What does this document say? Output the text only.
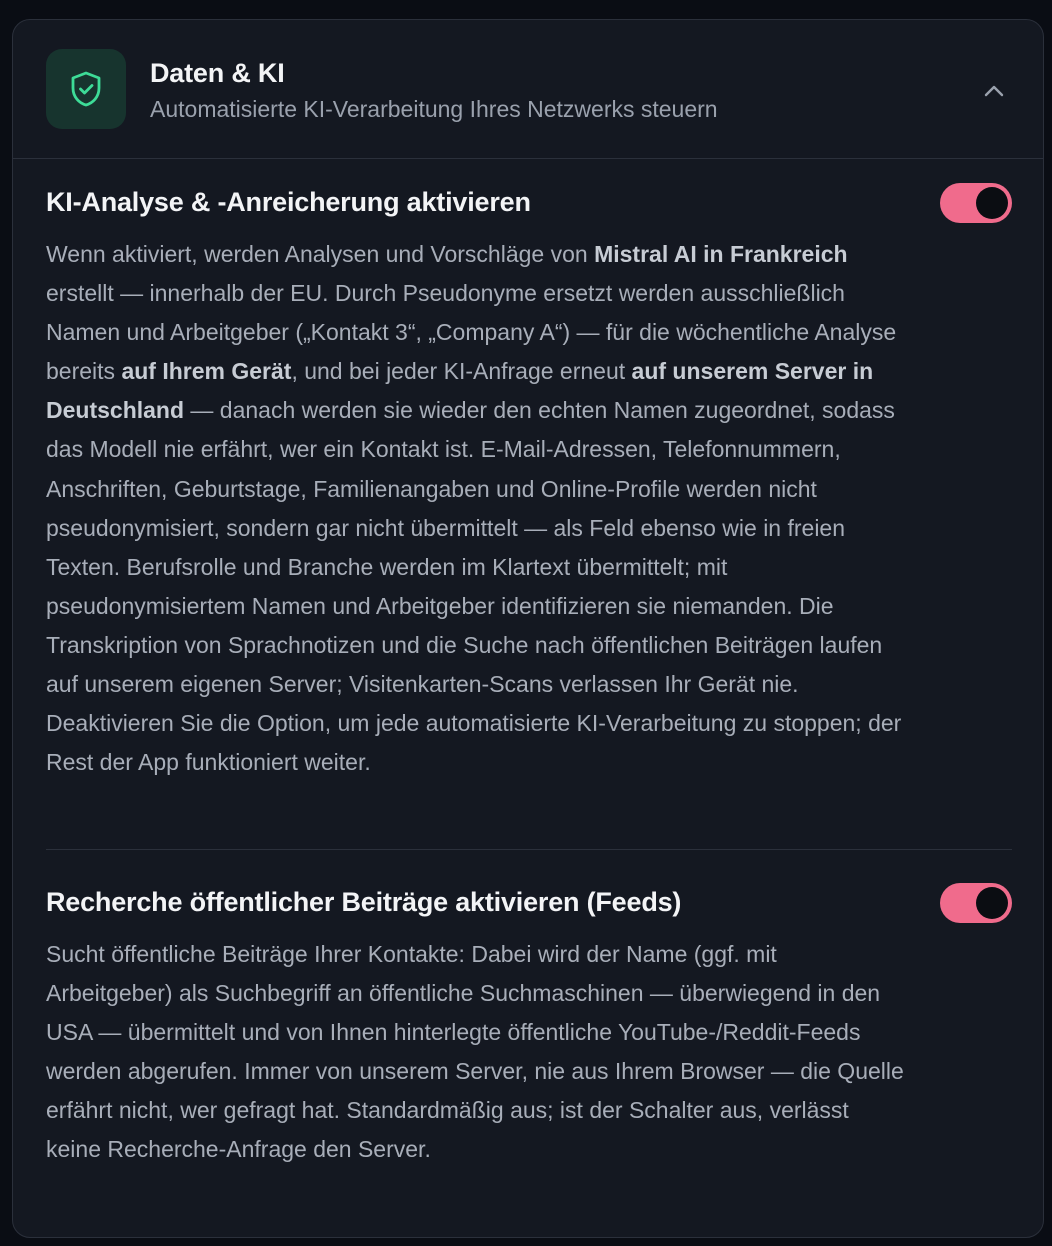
Daten & KI
Automatisierte KI-Verarbeitung Ihres Netzwerks steuern
KI-Analyse & -Anreicherung aktivieren
Wenn aktiviert, werden Analysen und Vorschläge von Mistral AI in Frankreich erstellt — innerhalb der EU. Durch Pseudonyme ersetzt werden ausschließlich Namen und Arbeitgeber („Kontakt 3“, „Company A“) — für die wöchentliche Analyse bereits auf Ihrem Gerät, und bei jeder KI-Anfrage erneut auf unserem Server in Deutschland — danach werden sie wieder den echten Namen zugeordnet, sodass das Modell nie erfährt, wer ein Kontakt ist. E-Mail-Adressen, Telefonnummern, Anschriften, Geburtstage, Familienangaben und Online-Profile werden nicht pseudonymisiert, sondern gar nicht übermittelt — als Feld ebenso wie in freien Texten. Berufsrolle und Branche werden im Klartext übermittelt; mit pseudonymisiertem Namen und Arbeitgeber identifizieren sie niemanden. Die Transkription von Sprachnotizen und die Suche nach öffentlichen Beiträgen laufen auf unserem eigenen Server; Visitenkarten-Scans verlassen Ihr Gerät nie. Deaktivieren Sie die Option, um jede automatisierte KI-Verarbeitung zu stoppen; der Rest der App funktioniert weiter.
Recherche öffentlicher Beiträge aktivieren (Feeds)
Sucht öffentliche Beiträge Ihrer Kontakte: Dabei wird der Name (ggf. mit Arbeitgeber) als Suchbegriff an öffentliche Suchmaschinen — überwiegend in den USA — übermittelt und von Ihnen hinterlegte öffentliche YouTube-/Reddit-Feeds werden abgerufen. Immer von unserem Server, nie aus Ihrem Browser — die Quelle erfährt nicht, wer gefragt hat. Standardmäßig aus; ist der Schalter aus, verlässt keine Recherche-Anfrage den Server.
